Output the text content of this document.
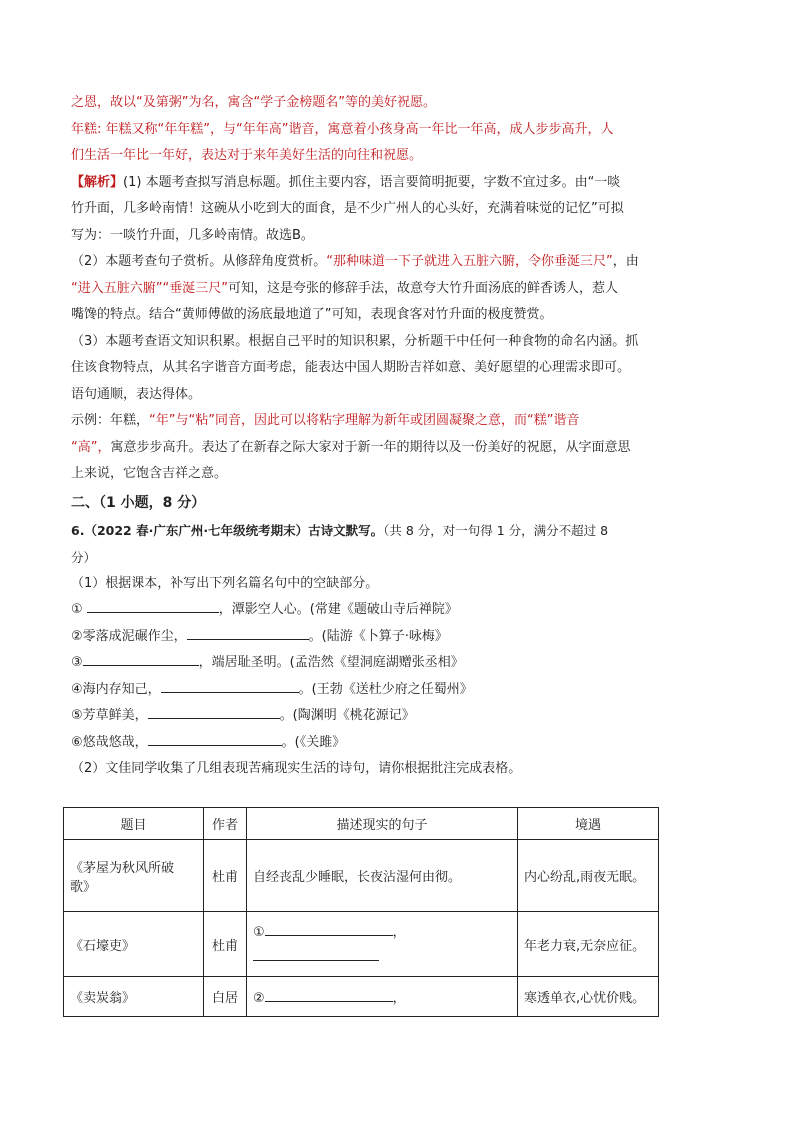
之恩，故以“及第粥”为名，寓含“学子金榜题名”等的美好祝愿。
年糕: 年糕又称“年年糕”，与“年年高”谐音，寓意着小孩身高一年比一年高，成人步步高升，人
们生活一年比一年好，表达对于来年美好生活的向往和祝愿。
【解析】(1) 本题考查拟写消息标题。抓住主要内容，语言要简明扼要，字数不宜过多。由“一啖
竹升面，几多岭南情！这碗从小吃到大的面食，是不少广州人的心头好，充满着味觉的记忆”可拟
写为：一啖竹升面，几多岭南情。故选B。
（2）本题考查句子赏析。从修辞角度赏析。“那种味道一下子就进入五脏六腑，令你垂涎三尺”，由
“进入五脏六腑”“垂涎三尺”可知，这是夸张的修辞手法，故意夸大竹升面汤底的鲜香诱人，惹人
嘴馋的特点。结合“黄师傅做的汤底最地道了”可知，表现食客对竹升面的极度赞赏。
（3）本题考查语文知识积累。根据自己平时的知识积累，分析题干中任何一种食物的命名内涵。抓
住该食物特点，从其名字谐音方面考虑，能表达中国人期盼吉祥如意、美好愿望的心理需求即可。
语句通顺，表达得体。
示例：年糕，“年”与“粘”同音，因此可以将粘字理解为新年或团圆凝聚之意，而“糕”谐音
“高”，寓意步步高升。表达了在新春之际大家对于新一年的期待以及一份美好的祝愿，从字面意思
上来说，它饱含吉祥之意。
二、（1 小题，8 分）
6.（2022 春·广东广州·七年级统考期末）古诗文默写。（共 8 分，对一句得 1 分，满分不超过 8
分）
（1）根据课本，补写出下列名篇名句中的空缺部分。
①	，潭影空人心。(常建《题破山寺后禅院》
②零落成泥碾作尘，	。(陆游《卜算子·咏梅》
③	，端居耻圣明。(孟浩然《望洞庭湖赠张丞相》
④海内存知己，	。(王勃《送杜少府之任蜀州》
⑤芳草鲜美，	。(陶渊明《桃花源记》
⑥悠哉悠哉，	。(《关雎》
（2）文佳同学收集了几组表现苦痛现实生活的诗句，请你根据批注完成表格。
题目	作者	描述现实的句子	境遇

《茅屋为秋风所破
歌》	杜甫	自经丧乱少睡眠，长夜沾湿何由彻。	内心纷乱,雨夜无眠。
《石壕吏》	杜甫	① ，	年老力衰,无奈应征。
《卖炭翁》	白居	② ，	寒透单衣,心忧价贱。
